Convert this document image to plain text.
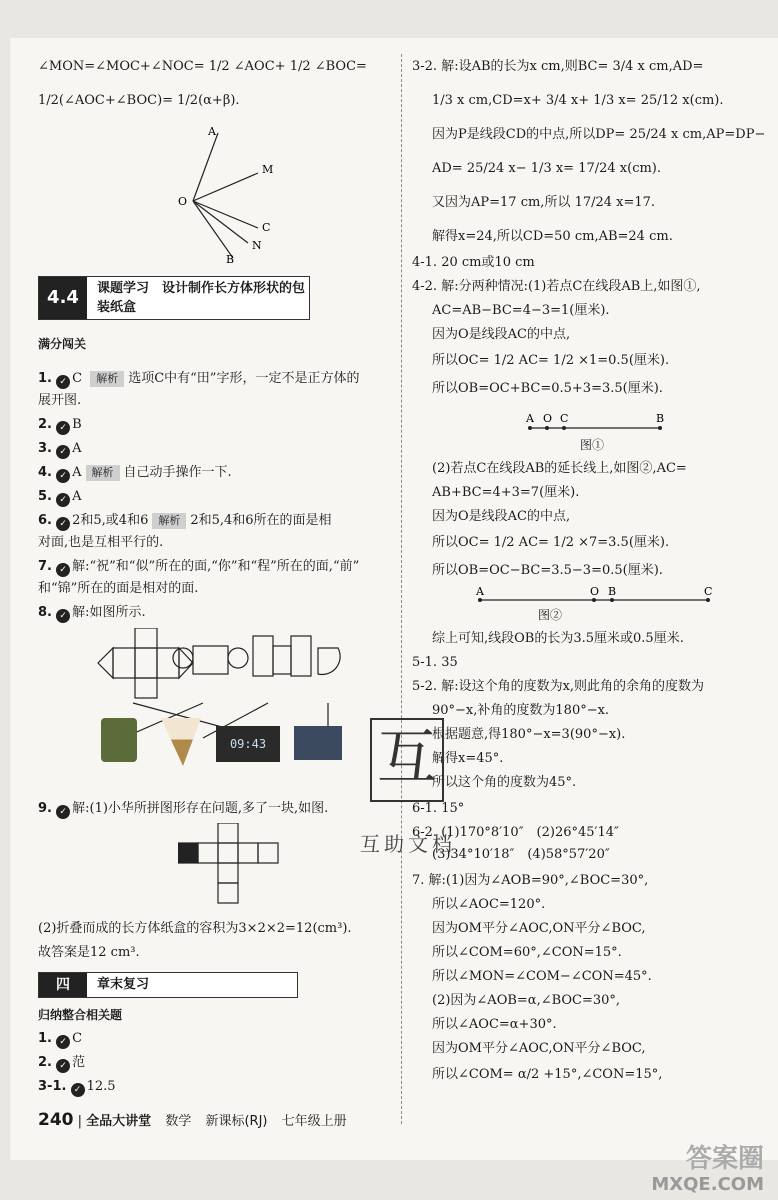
∠MON=∠MOC+∠NOC= 1/2 ∠AOC+ 1/2 ∠BOC=
1/2(∠AOC+∠BOC)= 1/2(α+β).
A
M
O
C
N
B
4.4	课题学习　设计制作长方体形状的包装纸盒
满分闯关
1. ✓ C 解析 选项C中有“田”字形，一定不是正方体的
展开图.
2. ✓ B
3. ✓ A
4. ✓ A 解析 自己动手操作一下.
5. ✓ A
6. ✓ 2和5,或4和6 解析 2和5,4和6所在的面是相
对面,也是互相平行的.
7. ✓ 解:“祝”和“似”所在的面,“你”和“程”所在的面,“前”
和“锦”所在的面是相对的面.
8. ✓ 解:如图所示.
09:43
9. ✓ 解:(1)小华所拼图形存在问题,多了一块,如图.
(2)折叠而成的长方体纸盒的容积为3×2×2=12(cm³).
故答案是12 cm³.
四	章末复习
归纳整合相关题
1. ✓ C
2. ✓ 范
3-1. ✓ 12.5
3-2. 解:设AB的长为x cm,则BC= 3/4 x cm,AD=
1/3 x cm,CD=x+ 3/4 x+ 1/3 x= 25/12 x(cm).
因为P是线段CD的中点,所以DP= 25/24 x cm,AP=DP−
AD= 25/24 x− 1/3 x= 17/24 x(cm).
又因为AP=17 cm,所以 17/24 x=17.
解得x=24,所以CD=50 cm,AB=24 cm.
4-1. 20 cm或10 cm
4-2. 解:分两种情况:(1)若点C在线段AB上,如图①,
AC=AB−BC=4−3=1(厘米).
因为O是线段AC的中点,
所以OC= 1/2 AC= 1/2 ×1=0.5(厘米).
所以OB=OC+BC=0.5+3=3.5(厘米).
A O C	B
图①
(2)若点C在线段AB的延长线上,如图②,AC=
AB+BC=4+3=7(厘米).
因为O是线段AC的中点,
所以OC= 1/2 AC= 1/2 ×7=3.5(厘米).
所以OB=OC−BC=3.5−3=0.5(厘米).
A	O B	C
图②
综上可知,线段OB的长为3.5厘米或0.5厘米.
5-1. 35
5-2. 解:设这个角的度数为x,则此角的余角的度数为
90°−x,补角的度数为180°−x.
根据题意,得180°−x=3(90°−x).
解得x=45°.
所以这个角的度数为45°.
6-1. 15°
6-2. (1)170°8′10″　(2)26°45′14″
(3)34°10′18″　(4)58°57′20″
7. 解:(1)因为∠AOB=90°,∠BOC=30°,
所以∠AOC=120°.
因为OM平分∠AOC,ON平分∠BOC,
所以∠COM=60°,∠CON=15°.
所以∠MON=∠COM−∠CON=45°.
(2)因为∠AOB=α,∠BOC=30°,
所以∠AOC=α+30°.
因为OM平分∠AOC,ON平分∠BOC,
所以∠COM= α/2 +15°,∠CON=15°,
互
互助文档
240 | 全品大讲堂 数学 新课标(RJ) 七年级上册
答案圈
MXQE.COM
